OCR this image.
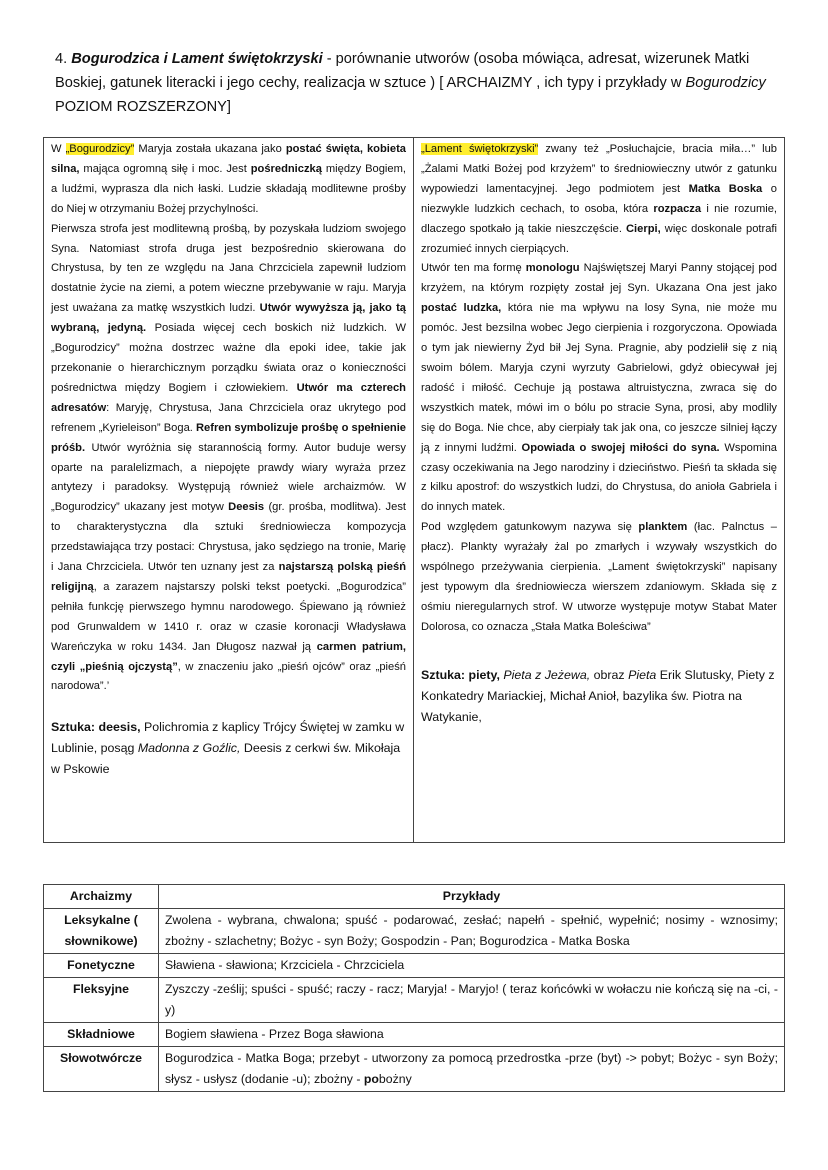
4. Bogurodzica i Lament świętokrzyski - porównanie utworów (osoba mówiąca, adresat, wizerunek Matki Boskiej, gatunek literacki i jego cechy, realizacja w sztuce ) [ ARCHAIZMY , ich typy i przykłady w Bogurodzicy POZIOM ROZSZERZONY]

W „Bogurodzicy” Maryja została ukazana jako postać święta, kobieta silna, mająca ogromną siłę i moc. Jest pośredniczką między Bogiem, a ludźmi, wyprasza dla nich łaski. Ludzie składają modlitewne prośby do Niej w otrzymaniu Bożej przychylności.

Pierwsza strofa jest modlitewną prośbą, by pozyskała ludziom swojego Syna. Natomiast strofa druga jest bezpośrednio skierowana do Chrystusa, by ten ze względu na Jana Chrzciciela zapewnił ludziom dostatnie życie na ziemi, a potem wieczne przebywanie w raju. Maryja jest uważana za matkę wszystkich ludzi. Utwór wywyższa ją, jako tą wybraną, jedyną. Posiada więcej cech boskich niż ludzkich. W „Bogurodzicy” można dostrzec ważne dla epoki idee, takie jak przekonanie o hierarchicznym porządku świata oraz o konieczności pośrednictwa między Bogiem i człowiekiem. Utwór ma czterech adresatów: Maryję, Chrystusa, Jana Chrzciciela oraz ukrytego pod refrenem „Kyrieleison” Boga. Refren symbolizuje prośbę o spełnienie próśb. Utwór wyróżnia się starannością formy. Autor buduje wersy oparte na paralelizmach, a niepojęte prawdy wiary wyraża przez antytezy i paradoksy. Występują również wiele archaizmów. W „Bogurodzicy” ukazany jest motyw Deesis (gr. prośba, modlitwa). Jest to charakterystyczna dla sztuki średniowiecza kompozycja przedstawiająca trzy postaci: Chrystusa, jako sędziego na tronie, Marię i Jana Chrzciciela. Utwór ten uznany jest za najstarszą polską pieśń religijną, a zarazem najstarszy polski tekst poetycki. „Bogurodzica” pełniła funkcję pierwszego hymnu narodowego. Śpiewano ją również pod Grunwaldem w 1410 r. oraz w czasie koronacji Władysława Wareńczyka w roku 1434. Jan Długosz nazwał ją carmen patrium, czyli „pieśnią ojczystą”, w znaczeniu jako „pieśń ojców” oraz „pieśń narodowa”.’

Sztuka: deesis, Polichromia z kaplicy Trójcy Świętej w zamku w Lublinie, posąg Madonna z Goźlic, Deesis z cerkwi św. Mikołaja w Pskowie

„Lament świętokrzyski” zwany też „Posłuchajcie, bracia miła…” lub „Żalami Matki Bożej pod krzyżem” to średniowieczny utwór z gatunku wypowiedzi lamentacyjnej. Jego podmiotem jest Matka Boska o niezwykle ludzkich cechach, to osoba, która rozpacza i nie rozumie, dlaczego spotkało ją takie nieszczęście. Cierpi, więc doskonale potrafi zrozumieć innych cierpiących.

Utwór ten ma formę monologu Najświętszej Maryi Panny stojącej pod krzyżem, na którym rozpięty został jej Syn. Ukazana Ona jest jako postać ludzka, która nie ma wpływu na losy Syna, nie może mu pomóc. Jest bezsilna wobec Jego cierpienia i rozgoryczona. Opowiada o tym jak niewierny Żyd bił Jej Syna. Pragnie, aby podzielił się z nią swoim bólem. Maryja czyni wyrzuty Gabrielowi, gdyż obiecywał jej radość i miłość. Cechuje ją postawa altruistyczna, zwraca się do wszystkich matek, mówi im o bólu po stracie Syna, prosi, aby modlily się do Boga. Nie chce, aby cierpiały tak jak ona, co jeszcze silniej łączy ją z innymi ludźmi. Opowiada o swojej miłości do syna. Wspomina czasy oczekiwania na Jego narodziny i dzieciństwo. Pieśń ta składa się z kilku apostrof: do wszystkich ludzi, do Chrystusa, do anioła Gabriela i do innych matek.

Pod względem gatunkowym nazywa się planktem (łac. Palnctus – płacz). Plankty wyrażały żal po zmarłych i wzywały wszystkich do wspólnego przeżywania cierpienia. „Lament świętokrzyski” napisany jest typowym dla średniowiecza wierszem zdaniowym. Składa się z ośmiu nieregularnych strof. W utworze występuje motyw Stabat Mater Dolorosa, co oznacza „Stała Matka Boleściwa”

Sztuka: piety, Pieta z Jeżewa, obraz Pieta Erik Slutusky, Piety z Konkatedry Mariackiej, Michał Anioł, bazylika św. Piotra na Watykanie,

Archaizmy	Przykłady
Leksykalne ( słownikowe)	Zwolena - wybrana, chwalona; spuść - podarować, zesłać; napełń - spełnić, wypełnić; nosimy - wznosimy; zbożny - szlachetny; Bożyc - syn Boży; Gospodzin - Pan; Bogurodzica - Matka Boska
Fonetyczne	Sławiena - sławiona; Krzciciela - Chrzciciela
Fleksyjne	Zyszczy -ześlij; spuści - spuść; raczy - racz; Maryja! - Maryjo! ( teraz końcówki w wołaczu nie kończą się na -ci, -y)
Składniowe	Bogiem sławiena - Przez Boga sławiona
Słowotwórcze	Bogurodzica - Matka Boga; przebyt - utworzony za pomocą przedrostka -prze (byt) -> pobyt; Bożyc - syn Boży; słysz - usłysz (dodanie -u); zbożny - pobożny
